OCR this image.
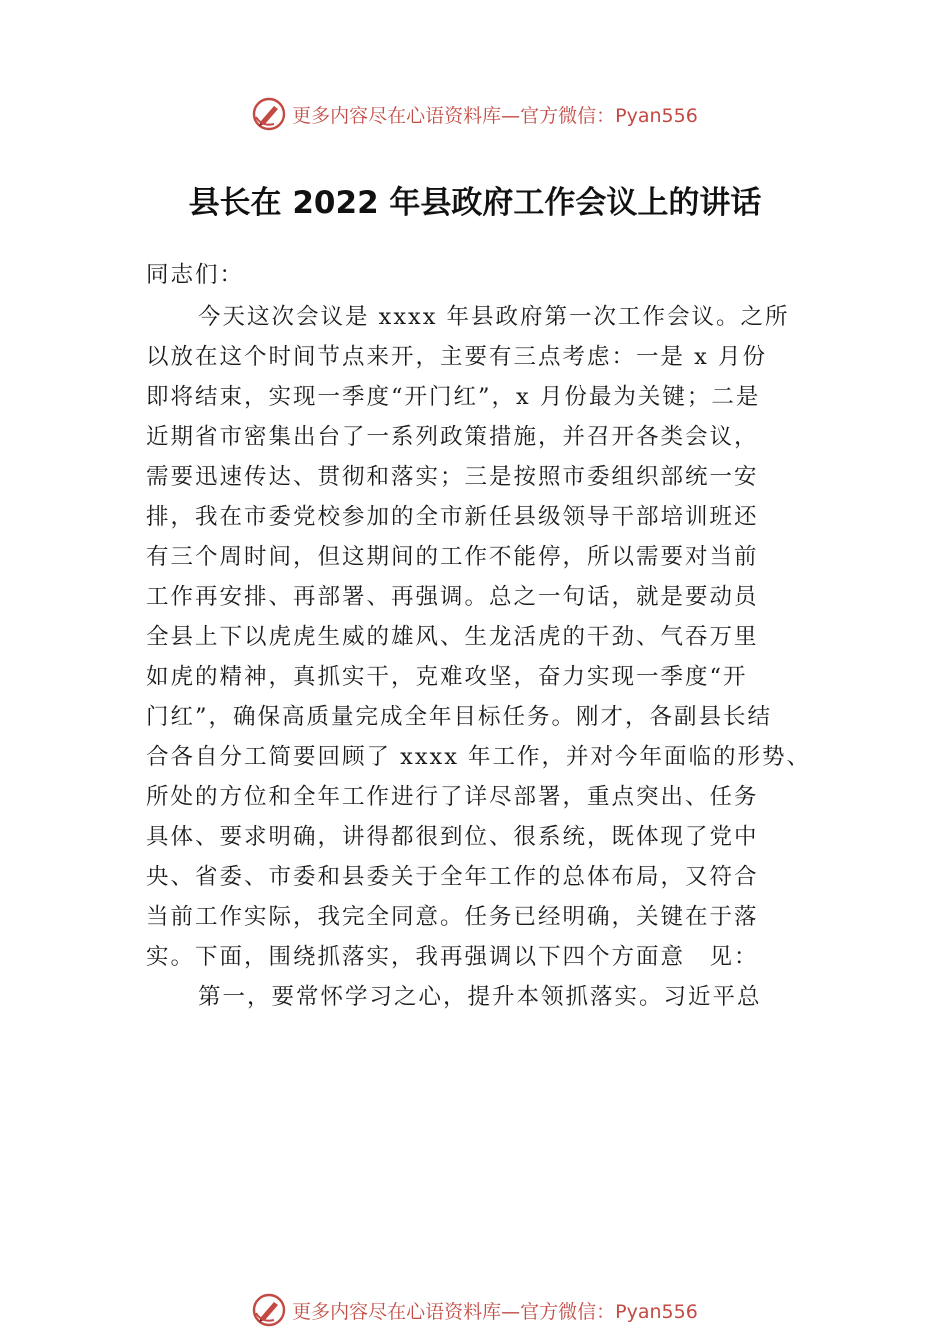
更多内容尽在心语资料库—官方微信：Pyan556
县长在 2022 年县政府工作会议上的讲话
同志们：
今天这次会议是 xxxx 年县政府第一次工作会议。之所
以放在这个时间节点来开，主要有三点考虑：一是 x 月份
即将结束，实现一季度“开门红”，x 月份最为关键；二是
近期省市密集出台了一系列政策措施，并召开各类会议，
需要迅速传达、贯彻和落实；三是按照市委组织部统一安
排，我在市委党校参加的全市新任县级领导干部培训班还
有三个周时间，但这期间的工作不能停，所以需要对当前
工作再安排、再部署、再强调。总之一句话，就是要动员
全县上下以虎虎生威的雄风、生龙活虎的干劲、气吞万里
如虎的精神，真抓实干，克难攻坚，奋力实现一季度“开
门红”，确保高质量完成全年目标任务。刚才，各副县长结
合各自分工简要回顾了 xxxx 年工作，并对今年面临的形势、
所处的方位和全年工作进行了详尽部署，重点突出、任务
具体、要求明确，讲得都很到位、很系统，既体现了党中
央、省委、市委和县委关于全年工作的总体布局，又符合
当前工作实际，我完全同意。任务已经明确，关键在于落
实。下面，围绕抓落实，我再强调以下四个方面意　见：
第一，要常怀学习之心，提升本领抓落实。习近平总
更多内容尽在心语资料库—官方微信：Pyan556
